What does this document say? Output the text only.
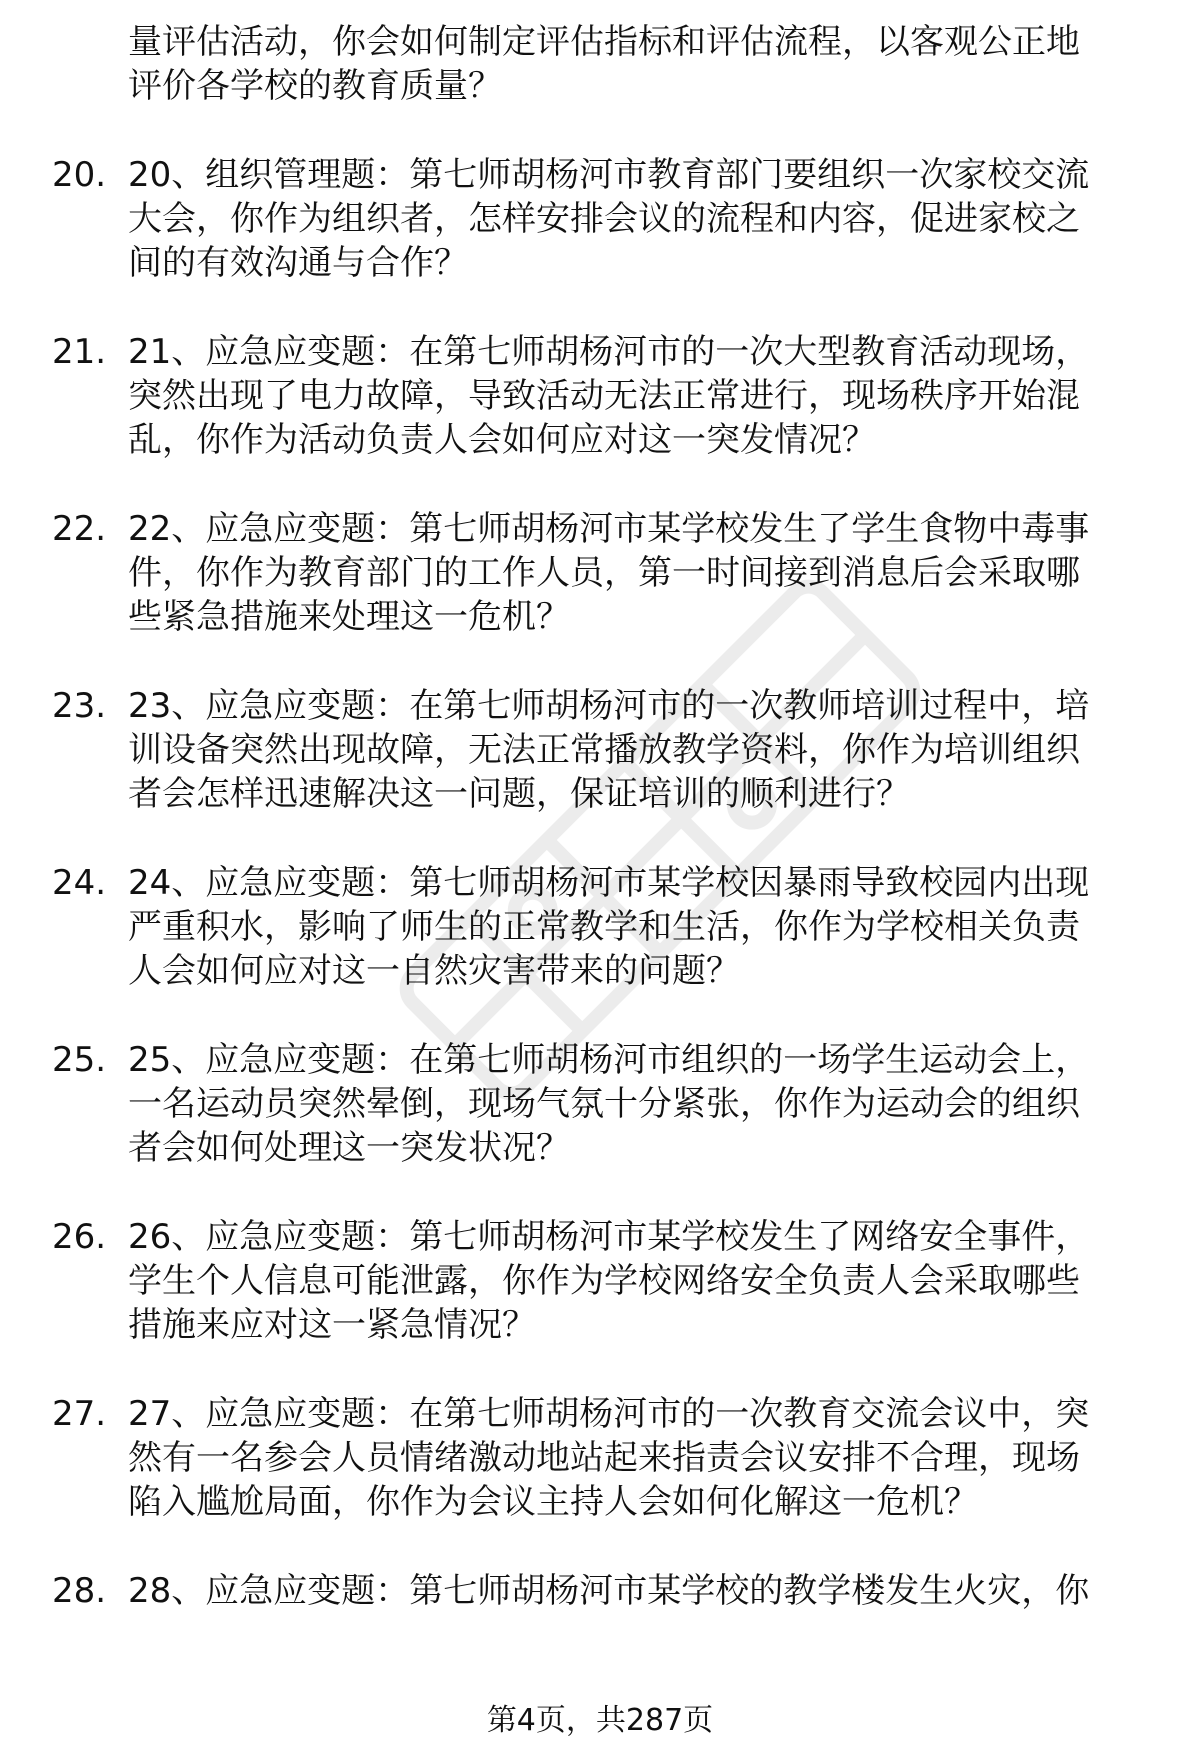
量评估活动，你会如何制定评估指标和评估流程，以客观公正地
评价各学校的教育质量？
20. 20、组织管理题：第七师胡杨河市教育部门要组织一次家校交流
大会，你作为组织者，怎样安排会议的流程和内容，促进家校之
间的有效沟通与合作？
21. 21、应急应变题：在第七师胡杨河市的一次大型教育活动现场，
突然出现了电力故障，导致活动无法正常进行，现场秩序开始混
乱，你作为活动负责人会如何应对这一突发情况？
22. 22、应急应变题：第七师胡杨河市某学校发生了学生食物中毒事
件，你作为教育部门的工作人员，第一时间接到消息后会采取哪
些紧急措施来处理这一危机？
23. 23、应急应变题：在第七师胡杨河市的一次教师培训过程中，培
训设备突然出现故障，无法正常播放教学资料，你作为培训组织
者会怎样迅速解决这一问题，保证培训的顺利进行？
24. 24、应急应变题：第七师胡杨河市某学校因暴雨导致校园内出现
严重积水，影响了师生的正常教学和生活，你作为学校相关负责
人会如何应对这一自然灾害带来的问题？
25. 25、应急应变题：在第七师胡杨河市组织的一场学生运动会上，
一名运动员突然晕倒，现场气氛十分紧张，你作为运动会的组织
者会如何处理这一突发状况？
26. 26、应急应变题：第七师胡杨河市某学校发生了网络安全事件，
学生个人信息可能泄露，你作为学校网络安全负责人会采取哪些
措施来应对这一紧急情况？
27. 27、应急应变题：在第七师胡杨河市的一次教育交流会议中，突
然有一名参会人员情绪激动地站起来指责会议安排不合理，现场
陷入尴尬局面，你作为会议主持人会如何化解这一危机？
28. 28、应急应变题：第七师胡杨河市某学校的教学楼发生火灾，你
第4页，共287页
